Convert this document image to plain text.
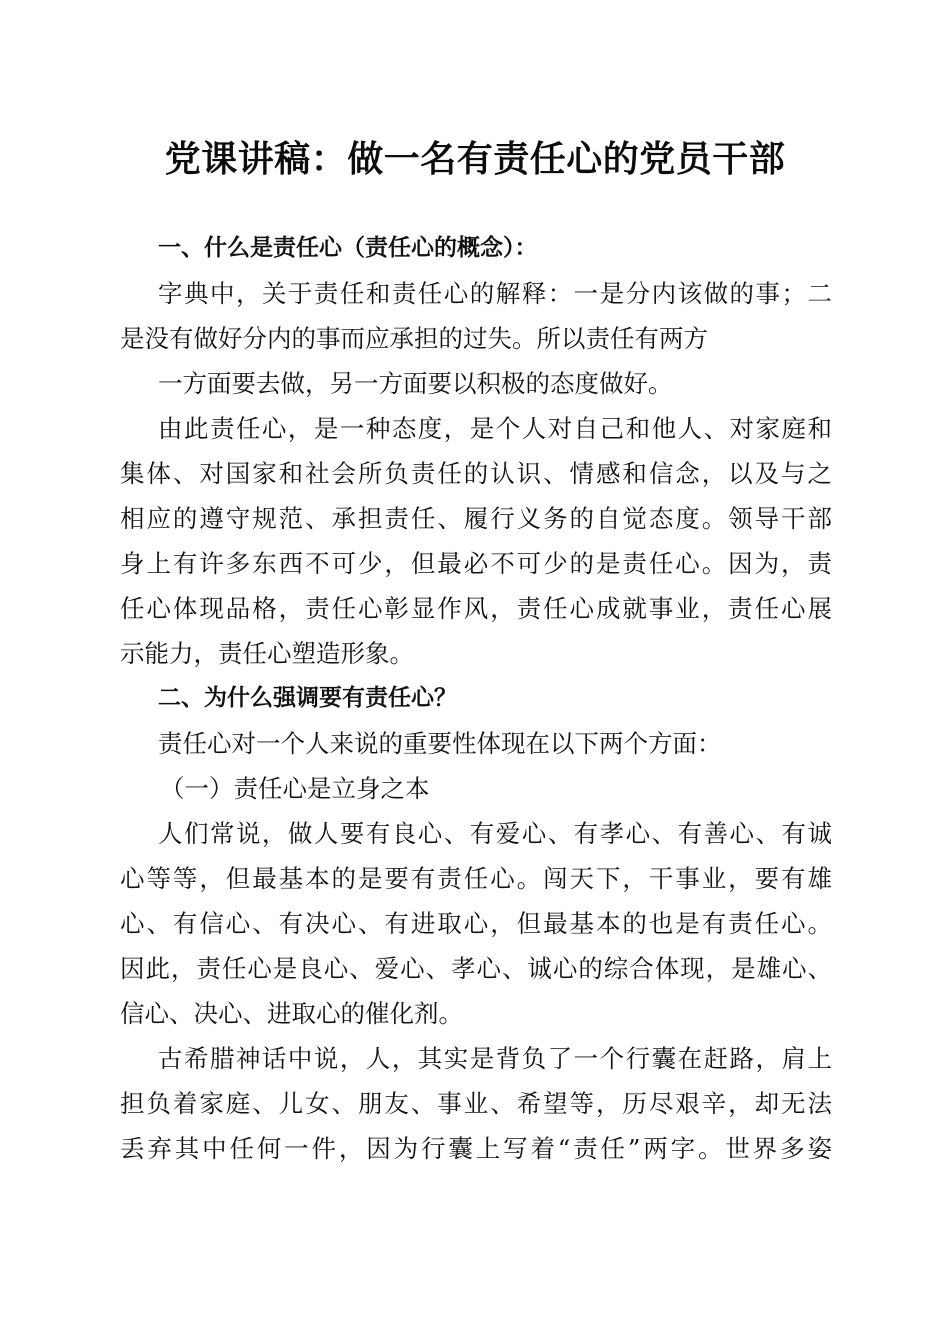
党课讲稿：做一名有责任心的党员干部
一、什么是责任心（责任心的概念）：
字典中，关于责任和责任心的解释：一是分内该做的事；二
是没有做好分内的事而应承担的过失。所以责任有两方
一方面要去做，另一方面要以积极的态度做好。
由此责任心，是一种态度，是个人对自己和他人、对家庭和
集体、对国家和社会所负责任的认识、情感和信念，以及与之
相应的遵守规范、承担责任、履行义务的自觉态度。领导干部
身上有许多东西不可少，但最必不可少的是责任心。因为，责
任心体现品格，责任心彰显作风，责任心成就事业，责任心展
示能力，责任心塑造形象。
二、为什么强调要有责任心？
责任心对一个人来说的重要性体现在以下两个方面：
（一）责任心是立身之本
人们常说，做人要有良心、有爱心、有孝心、有善心、有诚
心等等，但最基本的是要有责任心。闯天下，干事业，要有雄
心、有信心、有决心、有进取心，但最基本的也是有责任心。
因此，责任心是良心、爱心、孝心、诚心的综合体现，是雄心、
信心、决心、进取心的催化剂。
古希腊神话中说，人，其实是背负了一个行囊在赶路，肩上
担负着家庭、儿女、朋友、事业、希望等，历尽艰辛，却无法
丢弃其中任何一件，因为行囊上写着“责任”两字。世界多姿
